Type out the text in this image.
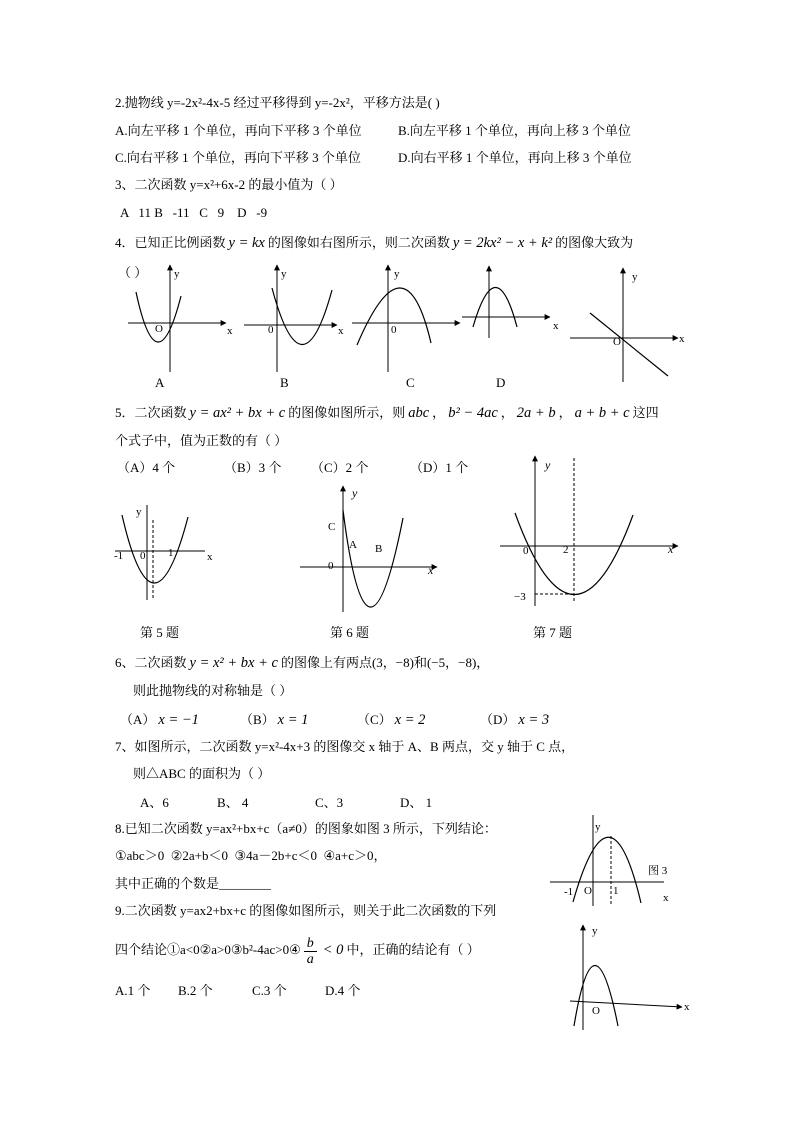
2.抛物线 y=-2x²-4x-5 经过平移得到 y=-2x²，平移方法是( )
A.向左平移 1 个单位，再向下平移 3 个单位	B.向左平移 1 个单位，再向上移 3 个单位
C.向右平移 1 个单位，再向下平移 3 个单位	D.向右平移 1 个单位，再向上移 3 个单位
3、二次函数 y=x²+6x-2 的最小值为（ ）
A   11 B   -11   C   9    D   -9
4．已知正比例函数 y = kx 的图像如右图所示，则二次函数 y = 2kx² − x + k² 的图像大致为
（ ）
A	B	C	D
5．二次函数 y = ax² + bx + c 的图像如图所示，则 abc ， b² − 4ac ， 2a + b ， a + b + c 这四
个式子中，值为正数的有（ ）
（A）4 个	（B）3 个 （C）2 个	（D）1 个
第 5 题	第 6 题	第 7 题
6、二次函数 y = x² + bx + c 的图像上有两点(3，−8)和(−5，−8)，
则此抛物线的对称轴是（ ）
（A） x = −1	（B） x = 1	（C） x = 2	（D） x = 3
7、如图所示，二次函数 y=x²-4x+3 的图像交 x 轴于 A、B 两点，交 y 轴于 C 点，
则△ABC 的面积为（ ）
A、6	B、 4	C、3	D、 1
8.已知二次函数 y=ax²+bx+c（a≠0）的图象如图 3 所示，下列结论：
①abc＞0  ②2a+b＜0  ③4a－2b+c＜0  ④a+c＞0，
其中正确的个数是________
9.二次函数 y=ax2+bx+c 的图像如图所示，则关于此二次函数的下列
四个结论①a<0②a>0③b²-4ac>0④ $\frac{b}{a} < 0$ 中，正确的结论有（ ）
A.1 个 B.2 个	C.3 个	D.4 个
y
O	x
y
0	x
y
0	x
y
O	x
y
x
-1 0 1
y
x
C
A B
0
y
x
0	2
−3
y
x
-1 O 1
图 3
y
x
O
